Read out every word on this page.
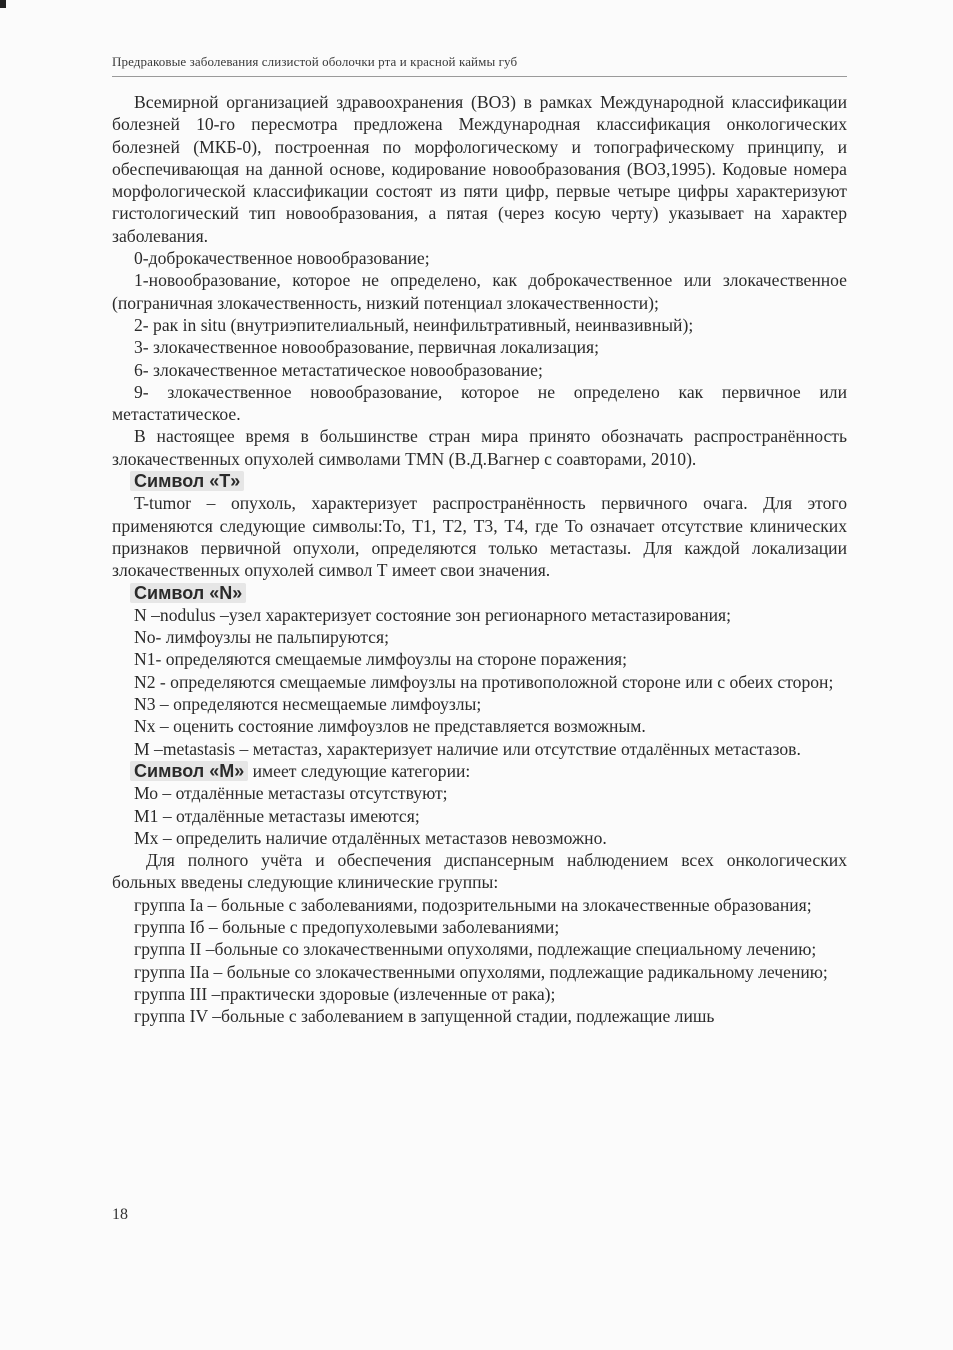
Предраковые заболевания слизистой оболочки рта и красной каймы губ

Всемирной организацией здравоохранения (ВОЗ) в рамках Международной классификации болезней 10-го пересмотра предложена Международная классификация онкологических болезней (МКБ-0), построенная по морфологическому и топографическому принципу, и обеспечивающая на данной основе, кодирование новообразования (ВОЗ,1995). Кодовые номера морфологической классификации состоят из пяти цифр, первые четыре цифры характеризуют гистологический тип новообразования, а пятая (через косую черту) указывает на характер заболевания.

0-доброкачественное новообразование;

1-новообразование, которое не определено, как доброкачественное или злокачественное (пограничная злокачественность, низкий потенциал злокачественности);

2- рак in situ (внутриэпителиальный, неинфильтративный, неинвазивный);

3- злокачественное новообразование, первичная локализация;

6- злокачественное метастатическое новообразование;

9- злокачественное новообразование, которое не определено как первичное или метастатическое.

В настоящее время в большинстве стран мира принято обозначать распространённость злокачественных опухолей символами TMN (В.Д.Вагнер с соавторами, 2010).

Символ «Т»

T-tumor – опухоль, характеризует распространённость первичного очага. Для этого применяются следующие символы:То, Т1, Т2, Т3, Т4, где То означает отсутствие клинических признаков первичной опухоли, определяются только метастазы. Для каждой локализации злокачественных опухолей символ Т имеет свои значения.

Символ «N»

N –nodulus –узел характеризует состояние зон регионарного метастазирования;

No- лимфоузлы не пальпируются;

N1- определяются смещаемые лимфоузлы на стороне поражения;

N2 - определяются смещаемые лимфоузлы на противоположной стороне или с обеих сторон;

N3 – определяются несмещаемые лимфоузлы;

Nx – оценить состояние лимфоузлов не представляется возможным.

М –metastasis – метастаз, характеризует наличие или отсутствие отдалённых метастазов.

Символ «М» имеет следующие категории:

Мо – отдалённые метастазы отсутствуют;

М1 – отдалённые метастазы имеются;

Мх – определить наличие отдалённых метастазов невозможно.

Для полного учёта и обеспечения диспансерным наблюдением всех онкологических больных введены следующие клинические группы:

группа Ia – больные с заболеваниями, подозрительными на злокачественные образования;

группа Iб – больные с предопухолевыми заболеваниями;

группа II –больные со злокачественными опухолями, подлежащие специальному лечению;

группа IIa – больные со злокачественными опухолями, подлежащие радикальному лечению;

группа III –практически здоровые (излеченные от рака);

группа IV –больные с заболеванием в запущенной стадии, подлежащие лишь

18
